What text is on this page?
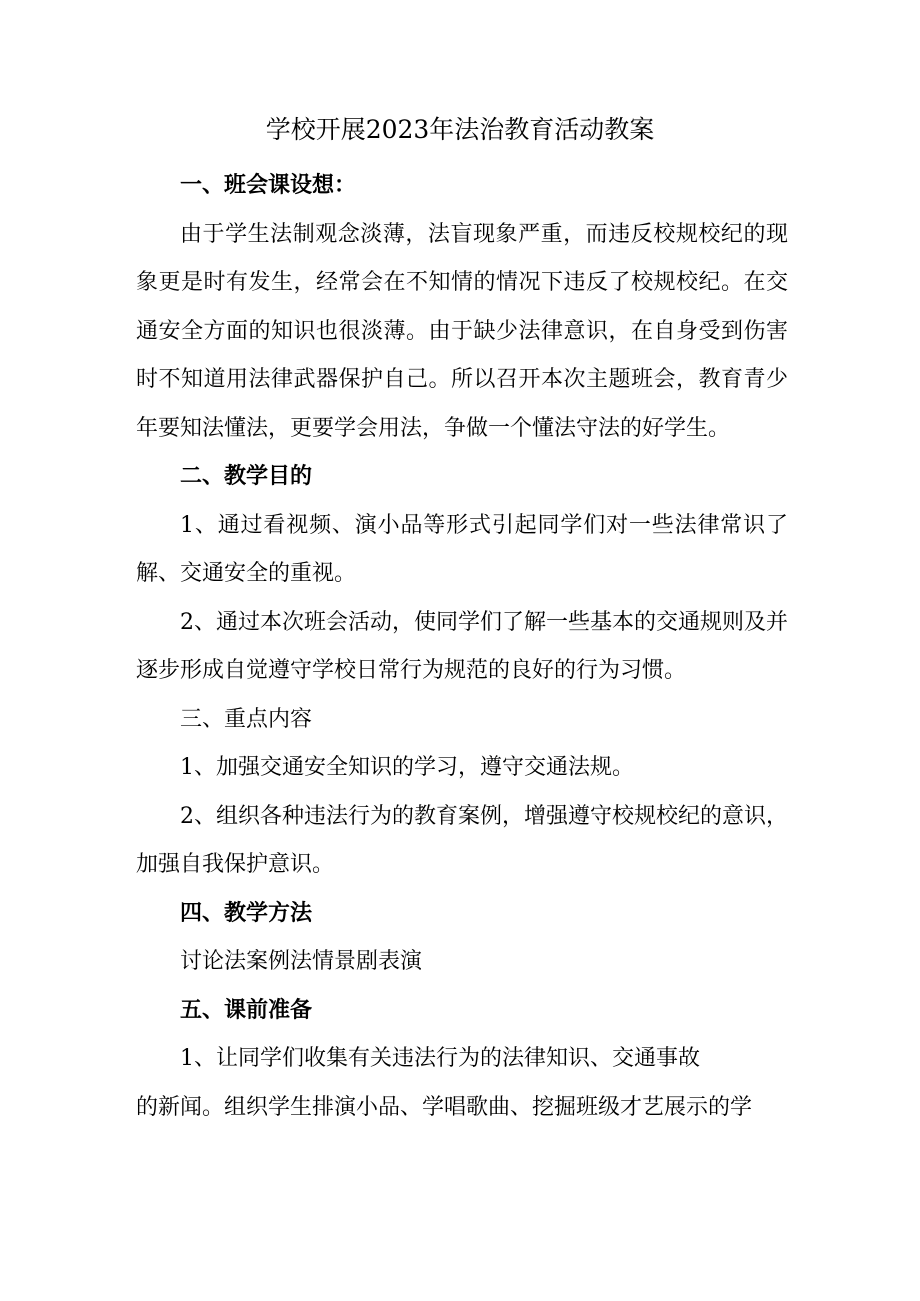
学校开展2023年法治教育活动教案

一、班会课设想：

由于学生法制观念淡薄，法盲现象严重，而违反校规校纪的现象更是时有发生，经常会在不知情的情况下违反了校规校纪。在交通安全方面的知识也很淡薄。由于缺少法律意识，在自身受到伤害时不知道用法律武器保护自己。所以召开本次主题班会，教育青少年要知法懂法，更要学会用法，争做一个懂法守法的好学生。

二、教学目的

1、通过看视频、演小品等形式引起同学们对一些法律常识了解、交通安全的重视。

2、通过本次班会活动，使同学们了解一些基本的交通规则及并逐步形成自觉遵守学校日常行为规范的良好的行为习惯。

三、重点内容

1、加强交通安全知识的学习，遵守交通法规。

2、组织各种违法行为的教育案例，增强遵守校规校纪的意识，加强自我保护意识。

四、教学方法

讨论法案例法情景剧表演

五、课前准备

1、让同学们收集有关违法行为的法律知识、交通事故

的新闻。组织学生排演小品、学唱歌曲、挖掘班级才艺展示的学
